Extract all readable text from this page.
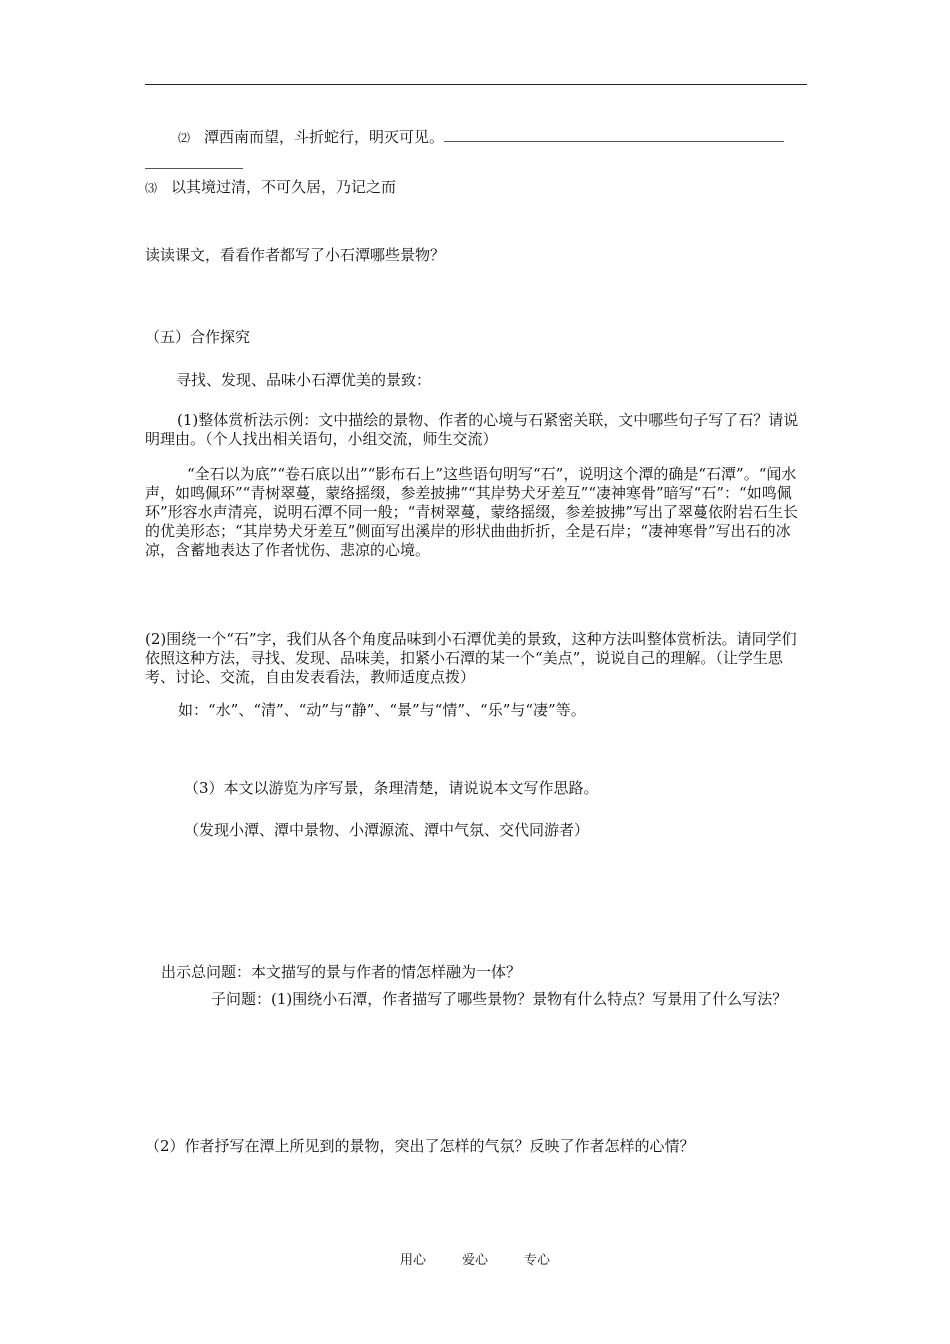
⑵ 潭西南而望，斗折蛇行，明灭可见。
⑶ 以其境过清，不可久居，乃记之而
读读课文，看看作者都写了小石潭哪些景物？
（五）合作探究
寻找、发现、品味小石潭优美的景致：
(1)整体赏析法示例：文中描绘的景物、作者的心境与石紧密关联，文中哪些句子写了石？请说明理由。（个人找出相关语句，小组交流，师生交流）
“全石以为底”“卷石底以出”“影布石上”这些语句明写“石”，说明这个潭的确是“石潭”。“闻水声，如鸣佩环”“青树翠蔓，蒙络摇缀，参差披拂”“其岸势犬牙差互”“凄神寒骨”暗写“石”：“如鸣佩环”形容水声清亮，说明石潭不同一般；“青树翠蔓，蒙络摇缀，参差披拂”写出了翠蔓依附岩石生长的优美形态；“其岸势犬牙差互”侧面写出溪岸的形状曲曲折折，全是石岸；“凄神寒骨”写出石的冰凉，含蓄地表达了作者忧伤、悲凉的心境。
(2)围绕一个“石”字，我们从各个角度品味到小石潭优美的景致，这种方法叫整体赏析法。请同学们依照这种方法，寻找、发现、品味美，扣紧小石潭的某一个“美点”，说说自己的理解。（让学生思考、讨论、交流，自由发表看法，教师适度点拨）
如：“水”、“清”、“动”与“静”、“景”与“情”、“乐”与“凄”等。
（3）本文以游览为序写景，条理清楚，请说说本文写作思路。
（发现小潭、潭中景物、小潭源流、潭中气氛、交代同游者）
出示总问题：本文描写的景与作者的情怎样融为一体？
子问题：(1)围绕小石潭，作者描写了哪些景物？景物有什么特点？写景用了什么写法？
（2）作者抒写在潭上所见到的景物，突出了怎样的气氛？反映了作者怎样的心情？
用心	爱心	专心
